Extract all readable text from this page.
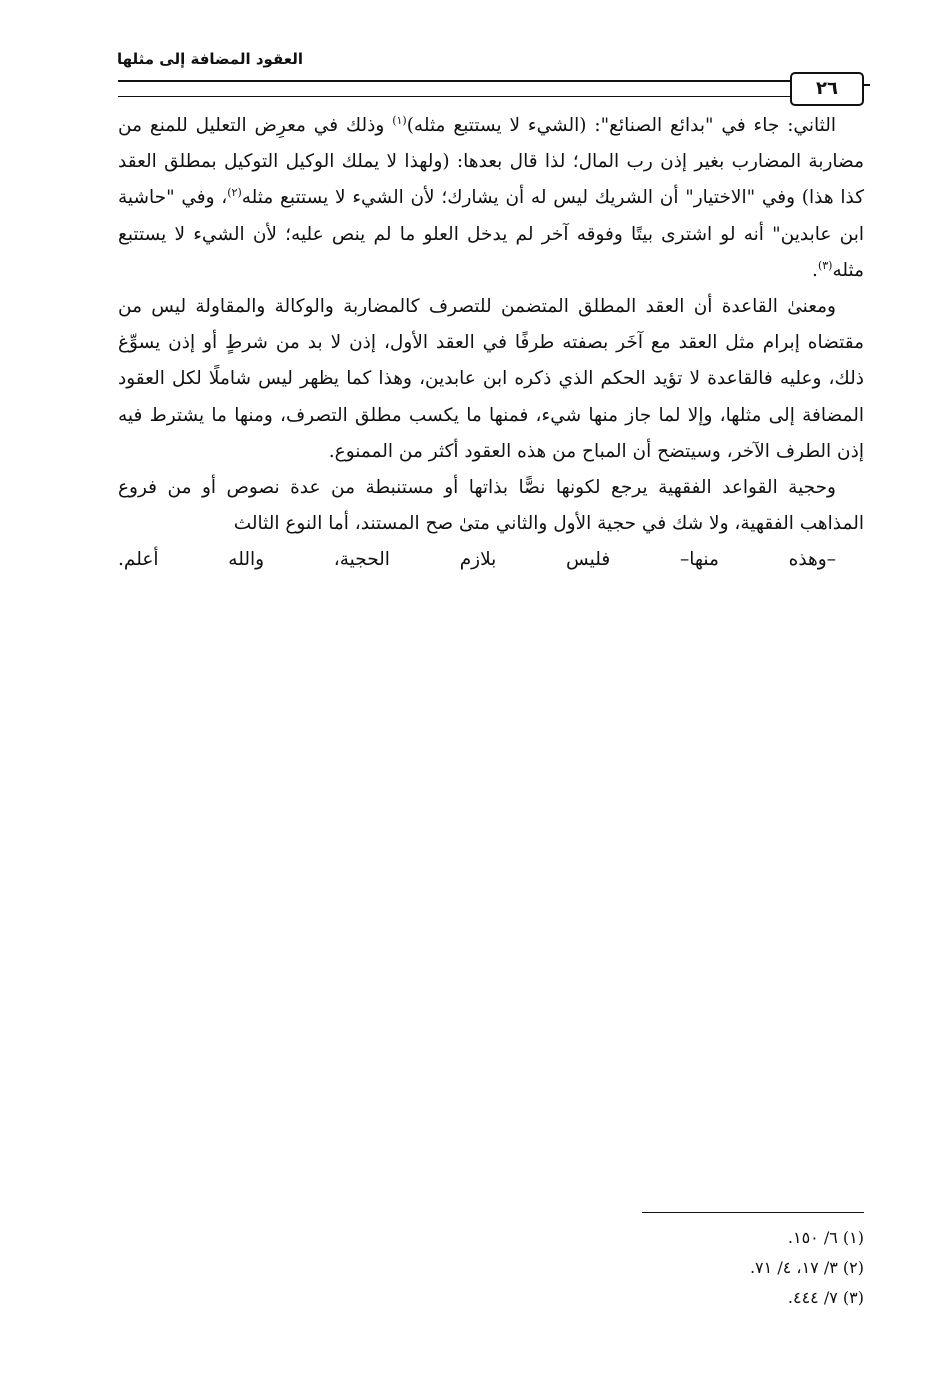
العقود المضافة إلى مثلها
٢٦

الثاني: جاء في "بدائع الصنائع": (الشيء لا يستتبع مثله)$^{(١)}$ وذلك في معرِض التعليل للمنع من مضاربة المضارب بغير إذن رب المال؛ لذا قال بعدها: (ولهذا لا يملك الوكيل التوكيل بمطلق العقد كذا هذا) وفي "الاختيار" أن الشريك ليس له أن يشارك؛ لأن الشيء لا يستتبع مثله$^{(٢)}$، وفي "حاشية ابن عابدين" أنه لو اشترى بيتًا وفوقه آخر لم يدخل العلو ما لم ينص عليه؛ لأن الشيء لا يستتبع مثله$^{(٣)}$.

ومعنىٰ القاعدة أن العقد المطلق المتضمن للتصرف كالمضاربة والوكالة والمقاولة ليس من مقتضاه إبرام مثل العقد مع آخَر بصفته طرفًا في العقد الأول، إذن لا بد من شرطٍ أو إذن يسوِّغ ذلك، وعليه فالقاعدة لا تؤيد الحكم الذي ذكره ابن عابدين، وهذا كما يظهر ليس شاملًا لكل العقود المضافة إلى مثلها، وإلا لما جاز منها شيء، فمنها ما يكسب مطلق التصرف، ومنها ما يشترط فيه إذن الطرف الآخر، وسيتضح أن المباح من هذه العقود أكثر من الممنوع.

وحجية القواعد الفقهية يرجع لكونها نصًّا بذاتها أو مستنبطة من عدة نصوص أو من فروع المذاهب الفقهية، ولا شك في حجية الأول والثاني متىٰ صح المستند، أما النوع الثالث

–وهذه منها– فليس بلازم الحجية، والله أعلم.

(١) ٦/ ١٥٠.
(٢) ٣/ ١٧، ٤/ ٧١.
(٣) ٧/ ٤٤٤.
